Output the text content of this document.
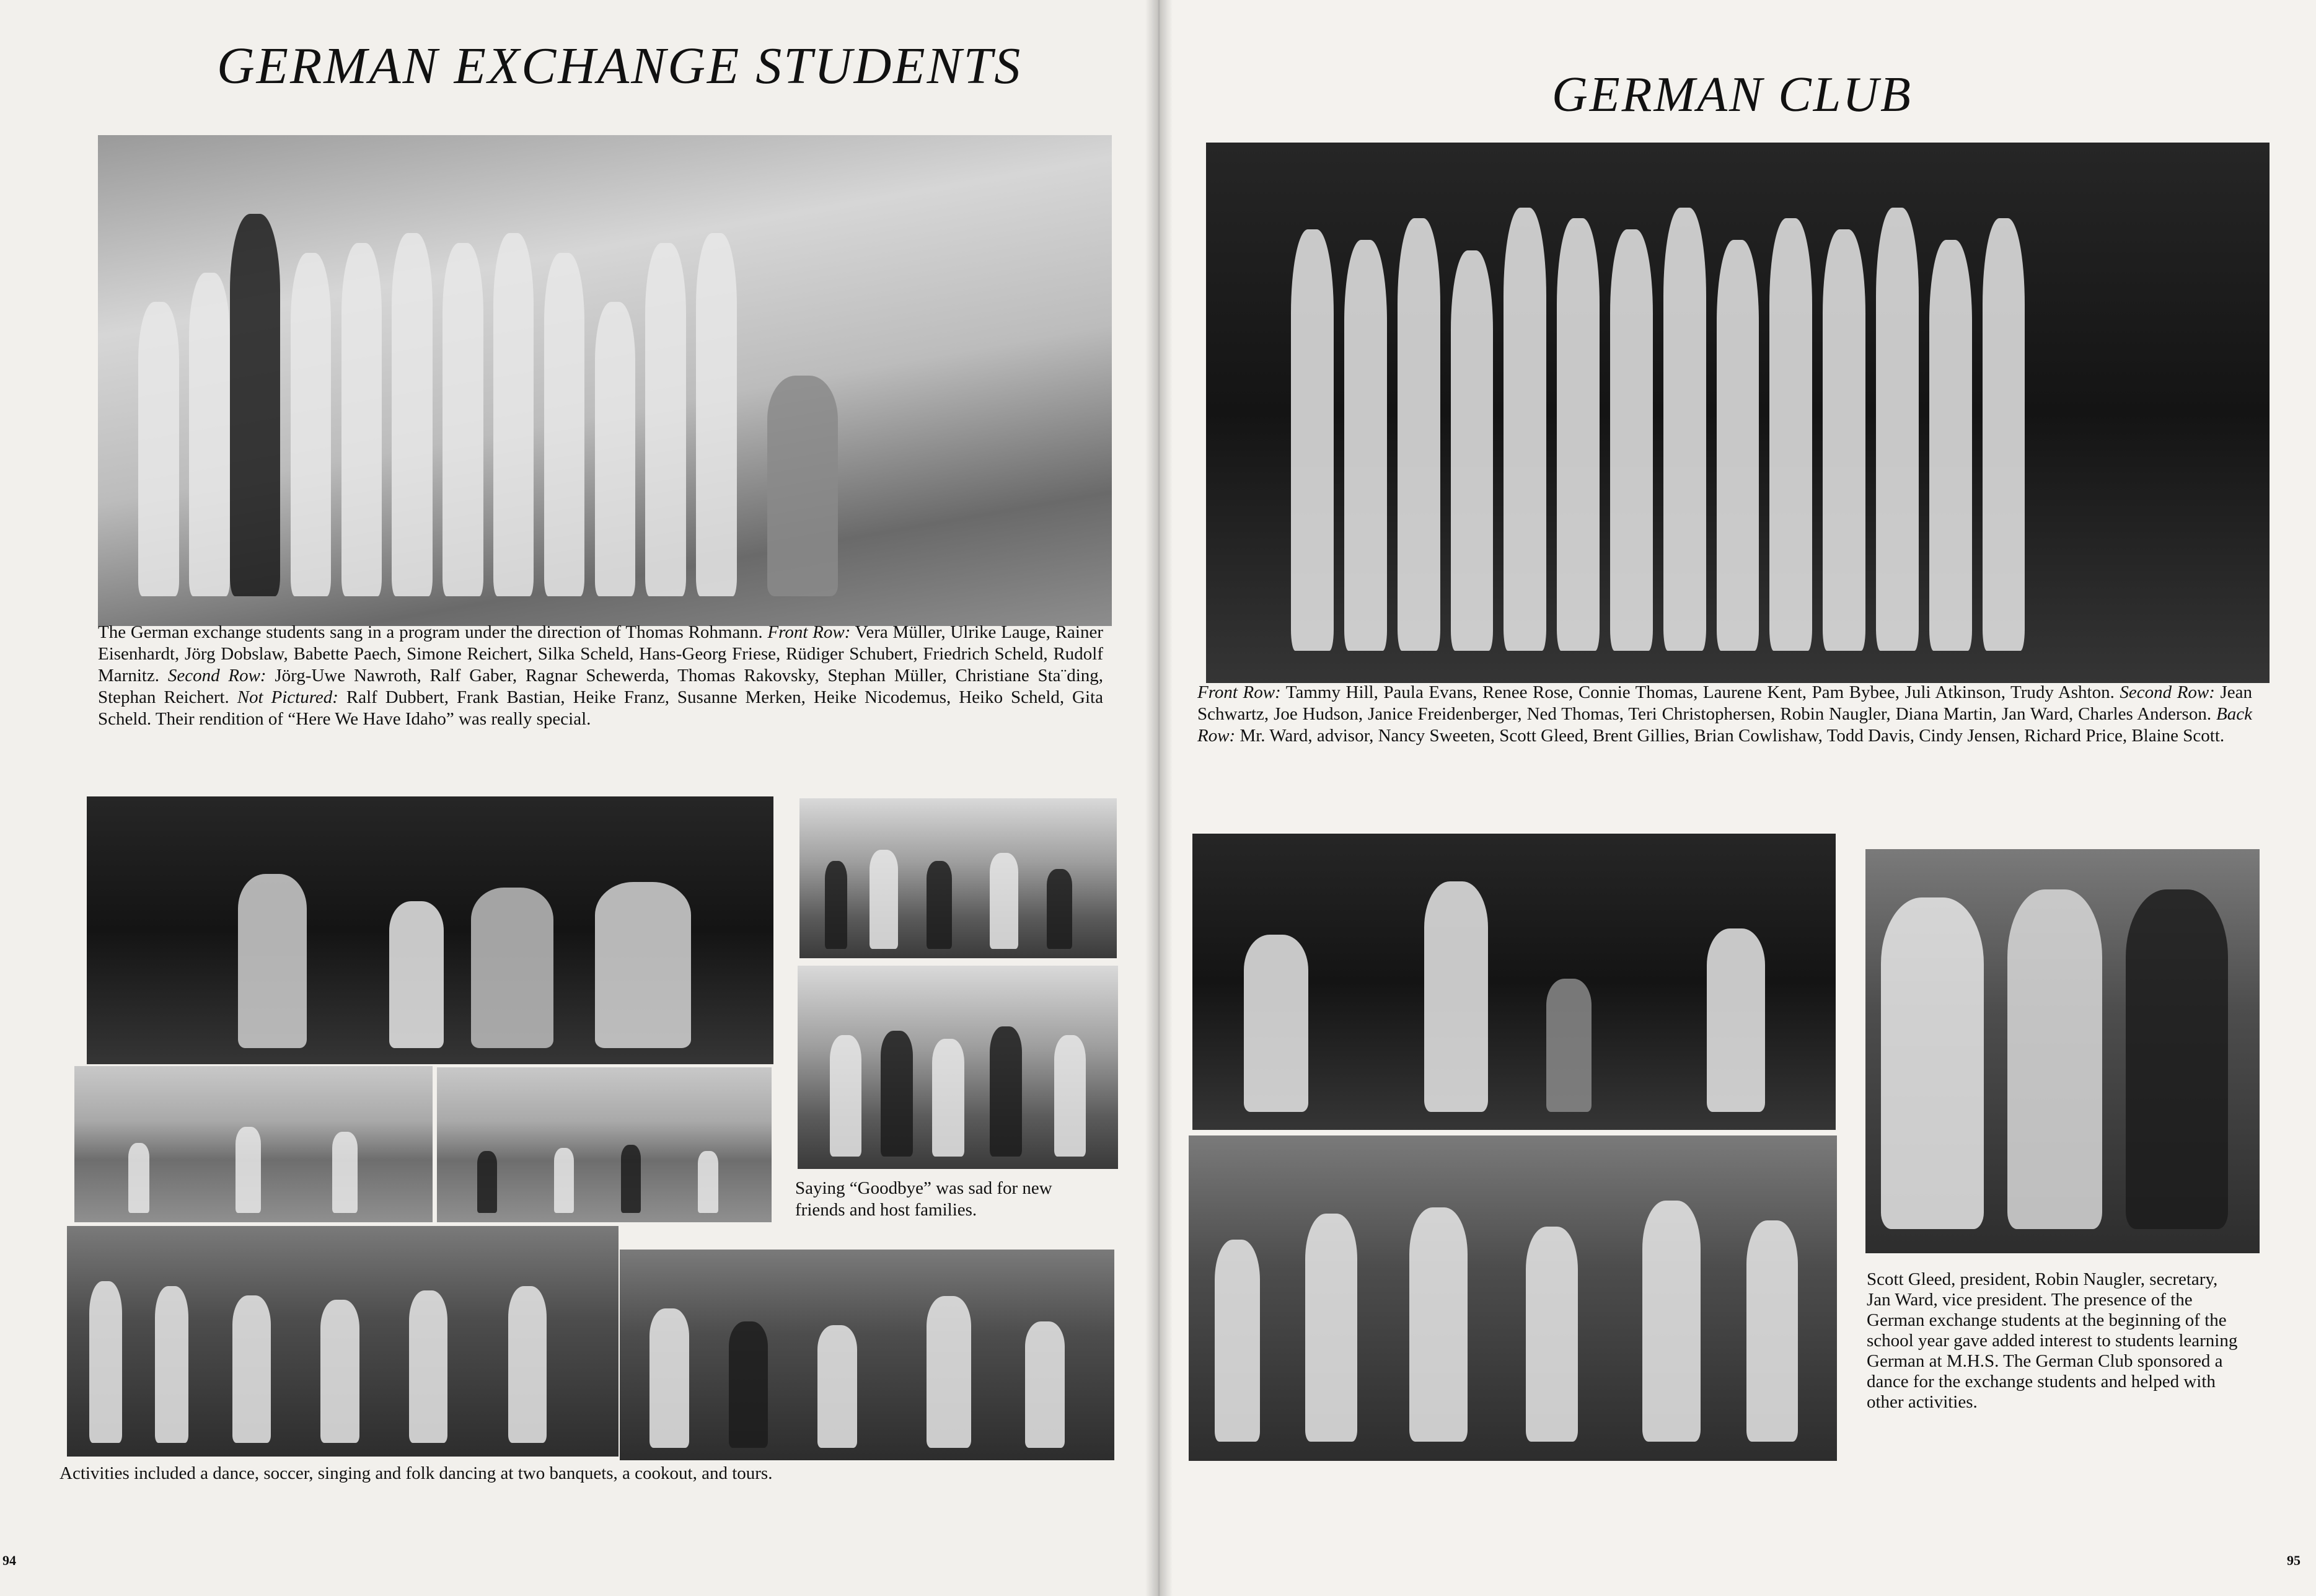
GERMAN EXCHANGE STUDENTS

The German exchange students sang in a program under the direction of Thomas Rohmann. Front Row: Vera Müller, Ulrike Lauge, Rainer Eisenhardt, Jörg Dobslaw, Babette Paech, Simone Reichert, Silka Scheld, Hans-Georg Friese, Rüdiger Schubert, Friedrich Scheld, Rudolf Marnitz. Second Row: Jörg-Uwe Nawroth, Ralf Gaber, Ragnar Schewerda, Thomas Rakovsky, Stephan Müller, Christiane Sta¨ding, Stephan Reichert. Not Pictured: Ralf Dubbert, Frank Bastian, Heike Franz, Susanne Merken, Heike Nicodemus, Heiko Scheld, Gita Scheld. Their rendition of “Here We Have Idaho” was really special.

Saying “Goodbye” was sad for new friends and host families.

Activities included a dance, soccer, singing and folk dancing at two banquets, a cookout, and tours.

94
GERMAN CLUB

Front Row: Tammy Hill, Paula Evans, Renee Rose, Connie Thomas, Laurene Kent, Pam Bybee, Juli Atkinson, Trudy Ashton. Second Row: Jean Schwartz, Joe Hudson, Janice Freidenberger, Ned Thomas, Teri Christophersen, Robin Naugler, Diana Martin, Jan Ward, Charles Anderson. Back Row: Mr. Ward, advisor, Nancy Sweeten, Scott Gleed, Brent Gillies, Brian Cowlishaw, Todd Davis, Cindy Jensen, Richard Price, Blaine Scott.

Scott Gleed, president, Robin Naugler, secretary, Jan Ward, vice president. The presence of the German exchange students at the beginning of the school year gave added interest to students learning German at M.H.S. The German Club sponsored a dance for the exchange students and helped with other activities.

95
